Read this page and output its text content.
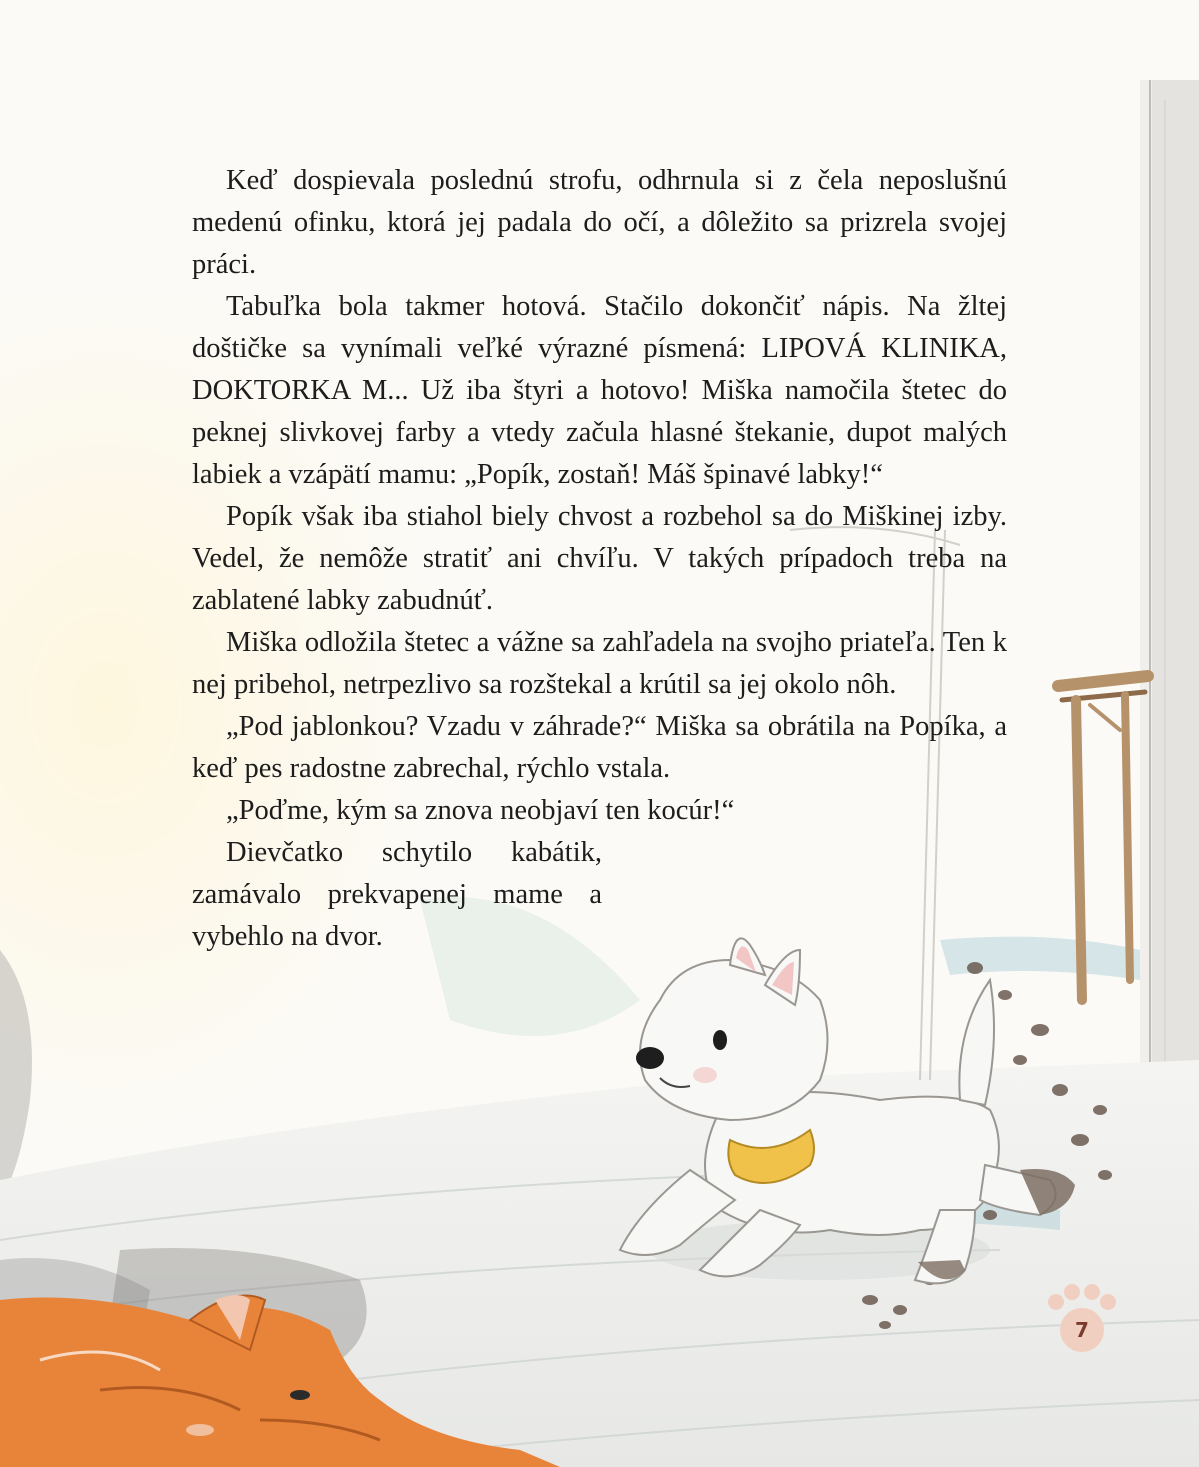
Keď dospievala poslednú strofu, odhrnula si z čela neposlušnú medenú ofinku, ktorá jej padala do očí, a dôležito sa prizrela svojej práci.

Tabuľka bola takmer hotová. Stačilo dokončiť nápis. Na žltej doštičke sa vynímali veľké výrazné písmená: LIPOVÁ KLINIKA, DOKTORKA M... Už iba štyri a hotovo! Miška namočila štetec do peknej slivkovej farby a vtedy začula hlasné štekanie, dupot malých labiek a vzápätí mamu: „Popík, zostaň! Máš špinavé labky!“

Popík však iba stiahol biely chvost a rozbehol sa do Miškinej izby. Vedel, že nemôže stratiť ani chvíľu. V takých prípadoch treba na zablatené labky zabudnúť.

Miška odložila štetec a vážne sa zahľadela na svojho priateľa. Ten k nej pribehol, netrpezlivo sa rozštekal a krútil sa jej okolo nôh.

„Pod jablonkou? Vzadu v záhrade?“ Miška sa obrátila na Popíka, a keď pes radostne zabrechal, rýchlo vstala.

„Poďme, kým sa znova neobjaví ten kocúr!“

Dievčatko schytilo kabátik, zamávalo prekvapenej mame a vybehlo na dvor.

7
